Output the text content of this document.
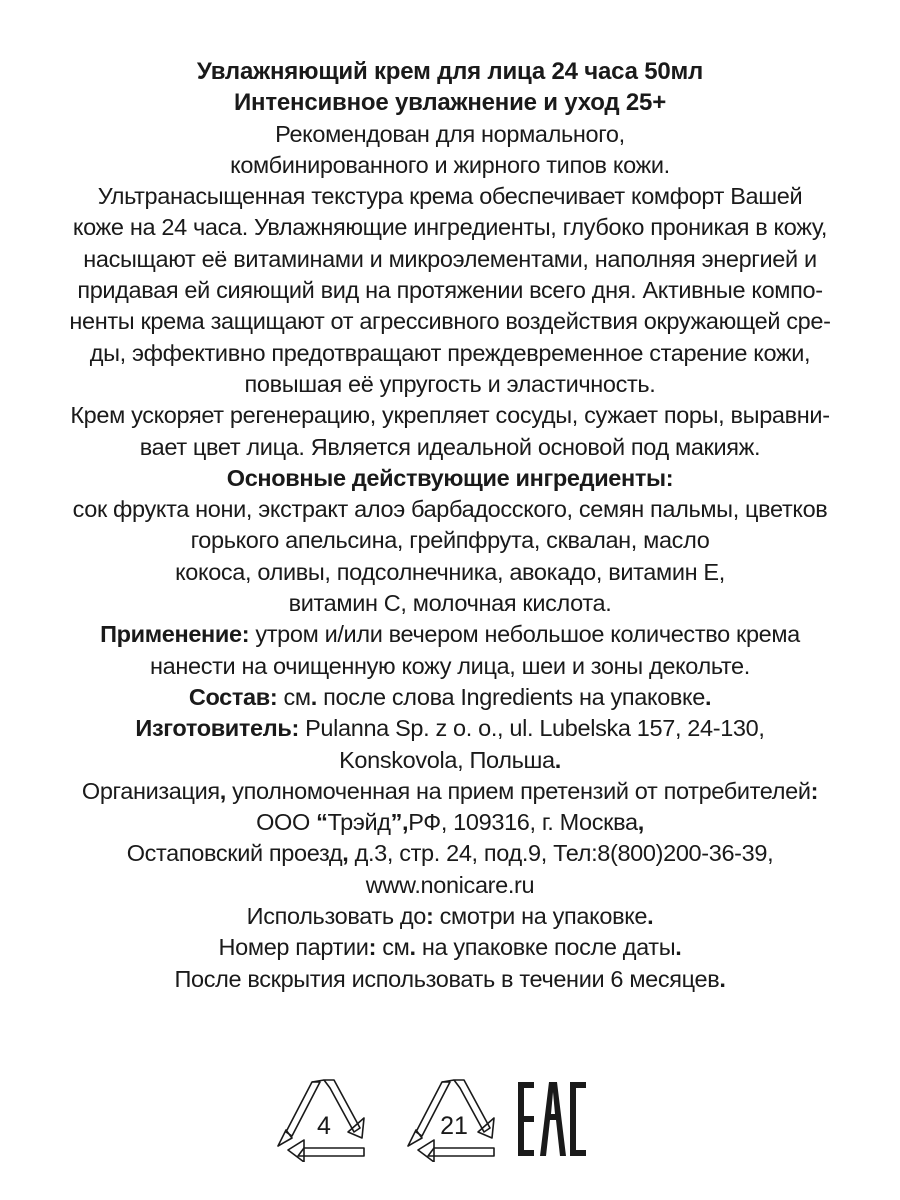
Увлажняющий крем для лица 24 часа 50мл
Интенсивное увлажнение и уход 25+
Рекомендован для нормального,
комбинированного и жирного типов кожи.
Ультранасыщенная текстура крема обеспечивает комфорт Вашей
коже на 24 часа. Увлажняющие ингредиенты, глубоко проникая в кожу,
насыщают её витаминами и микроэлементами, наполняя энергией и
придавая ей сияющий вид на протяжении всего дня. Активные компо-
ненты крема защищают от агрессивного воздействия окружающей сре-
ды, эффективно предотвращают преждевременное старение кожи,
повышая её упругость и эластичность.
Крем ускоряет регенерацию, укрепляет сосуды, сужает поры, выравни-
вает цвет лица. Является идеальной основой под макияж.
Основные действующие ингредиенты:
сок фрукта нони, экстракт алоэ барбадосского, семян пальмы, цветков
горького апельсина, грейпфрута, сквалан, масло
кокоса, оливы, подсолнечника, авокадо, витамин Е,
витамин С, молочная кислота.
Применение: утром и/или вечером небольшое количество крема
нанести на очищенную кожу лица, шеи и зоны декольте.
Состав: см. после слова Ingredients на упаковке.
Изготовитель: Pulanna Sp. z o. o., ul. Lubelska 157, 24-130,
Konskovola, Польша.
Организация, уполномоченная на прием претензий от потребителей:
ООО “Трэйд”,РФ, 109316, г. Москва,
Остаповский проезд, д.3, стр. 24, под.9, Тел:8(800)200-36-39,
www.nonicare.ru
Использовать до: смотри на упаковке.
Номер партии: см. на упаковке после даты.
После вскрытия использовать в течении 6 месяцев.
4	21
